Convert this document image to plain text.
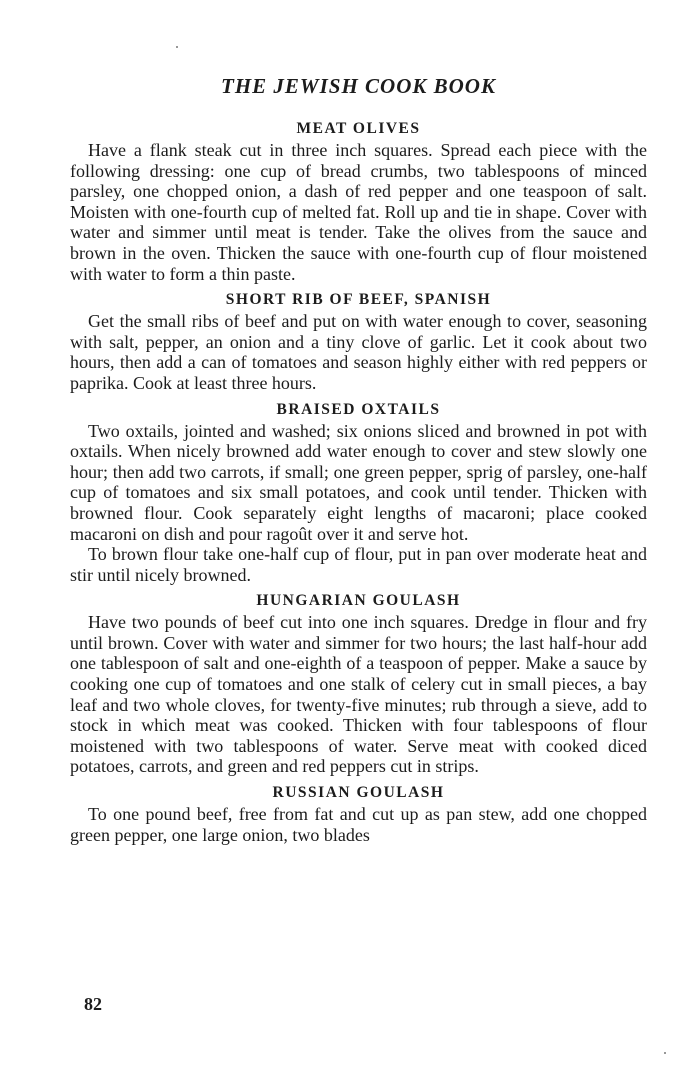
THE JEWISH COOK BOOK
MEAT OLIVES

Have a flank steak cut in three inch squares. Spread each piece with the following dressing: one cup of bread crumbs, two tablespoons of minced parsley, one chopped onion, a dash of red pepper and one teaspoon of salt. Moisten with one-fourth cup of melted fat. Roll up and tie in shape. Cover with water and simmer until meat is tender. Take the olives from the sauce and brown in the oven. Thicken the sauce with one-fourth cup of flour moistened with water to form a thin paste.

SHORT RIB OF BEEF, SPANISH

Get the small ribs of beef and put on with water enough to cover, seasoning with salt, pepper, an onion and a tiny clove of garlic. Let it cook about two hours, then add a can of tomatoes and season highly either with red peppers or paprika. Cook at least three hours.

BRAISED OXTAILS

Two oxtails, jointed and washed; six onions sliced and browned in pot with oxtails. When nicely browned add water enough to cover and stew slowly one hour; then add two carrots, if small; one green pepper, sprig of parsley, one-half cup of tomatoes and six small potatoes, and cook until tender. Thicken with browned flour. Cook separately eight lengths of macaroni; place cooked macaroni on dish and pour ragoût over it and serve hot.

To brown flour take one-half cup of flour, put in pan over moderate heat and stir until nicely browned.

HUNGARIAN GOULASH

Have two pounds of beef cut into one inch squares. Dredge in flour and fry until brown. Cover with water and simmer for two hours; the last half-hour add one tablespoon of salt and one-eighth of a teaspoon of pepper. Make a sauce by cooking one cup of tomatoes and one stalk of celery cut in small pieces, a bay leaf and two whole cloves, for twenty-five minutes; rub through a sieve, add to stock in which meat was cooked. Thicken with four tablespoons of flour moistened with two tablespoons of water. Serve meat with cooked diced potatoes, carrots, and green and red peppers cut in strips.

RUSSIAN GOULASH

To one pound beef, free from fat and cut up as pan stew, add one chopped green pepper, one large onion, two blades

82
